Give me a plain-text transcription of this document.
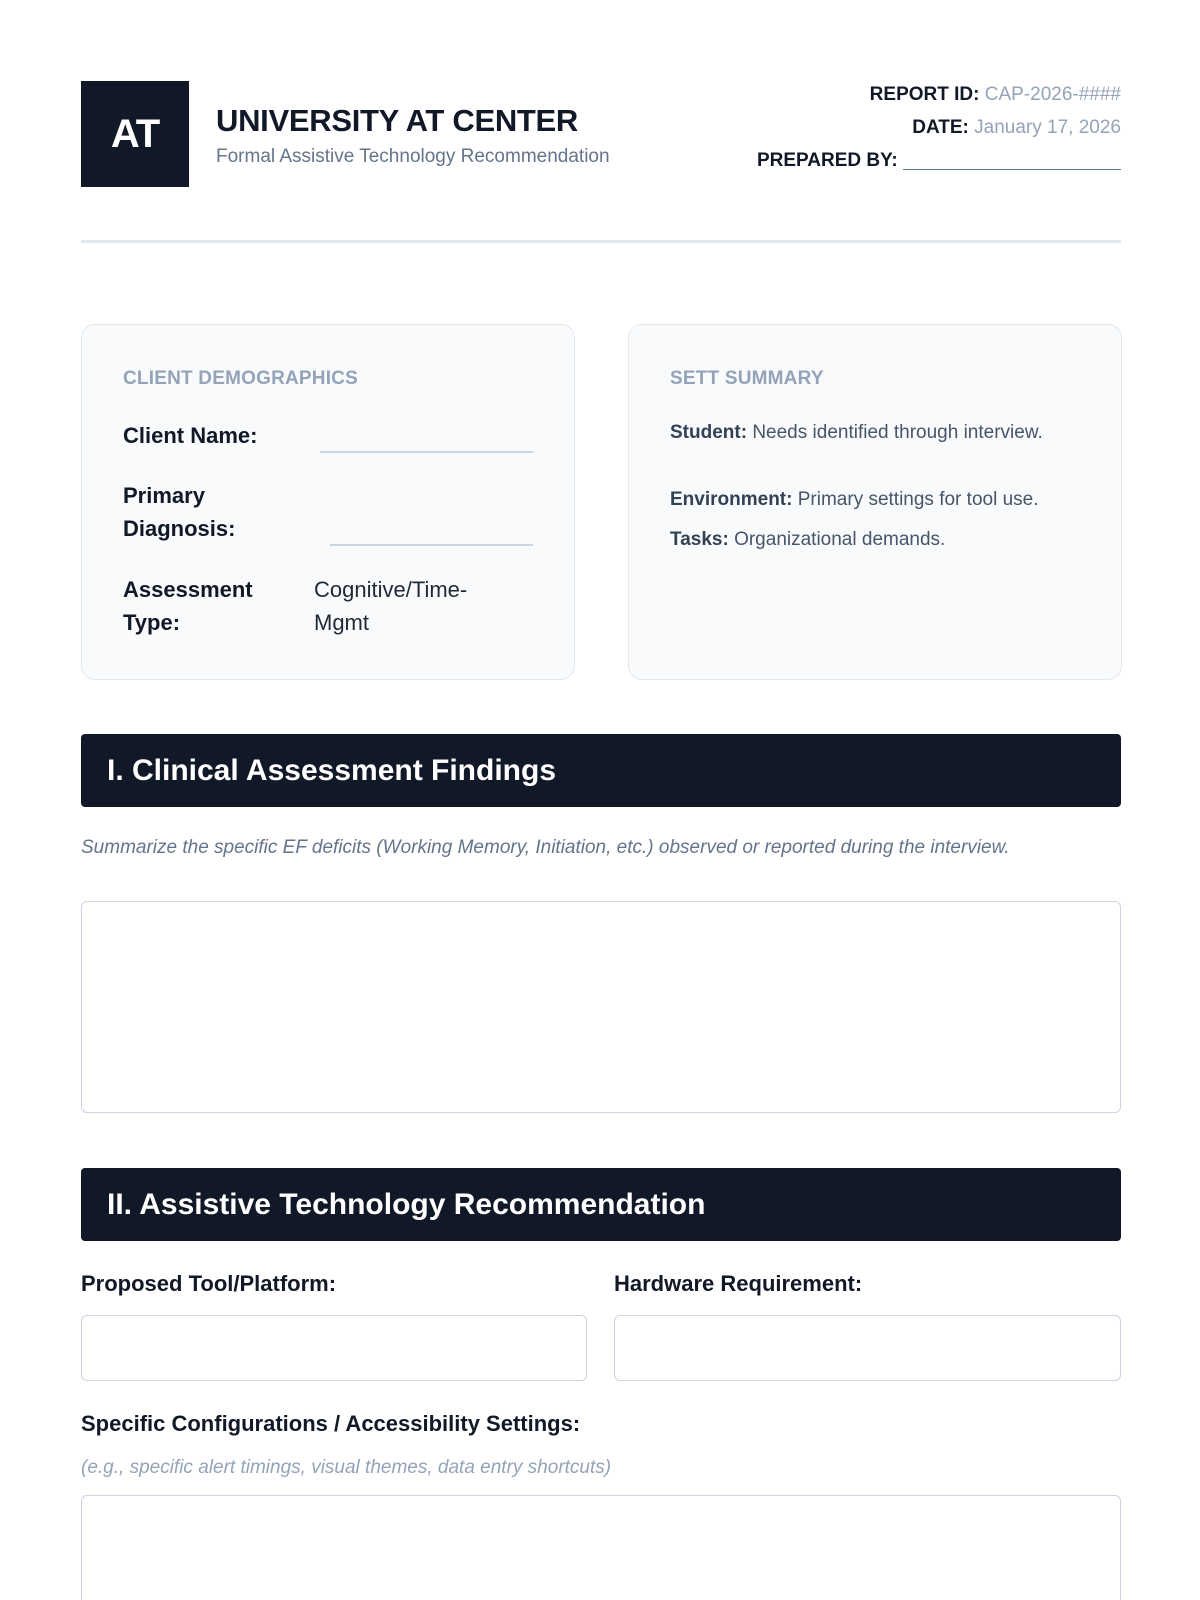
AT	UNIVERSITY AT CENTER
Formal Assistive Technology Recommendation
REPORT ID: CAP-2026-####
DATE: January 17, 2026
PREPARED BY:
CLIENT DEMOGRAPHICS
Client Name:
Primary
Diagnosis:
Assessment
Type:
Cognitive/Time-
Mgmt
SETT SUMMARY
Student: Needs identified through interview.
Environment: Primary settings for tool use.
Tasks: Organizational demands.
I. Clinical Assessment Findings
Summarize the specific EF deficits (Working Memory, Initiation, etc.) observed or reported during the interview.
II. Assistive Technology Recommendation
Proposed Tool/Platform:	Hardware Requirement:
Specific Configurations / Accessibility Settings:
(e.g., specific alert timings, visual themes, data entry shortcuts)
